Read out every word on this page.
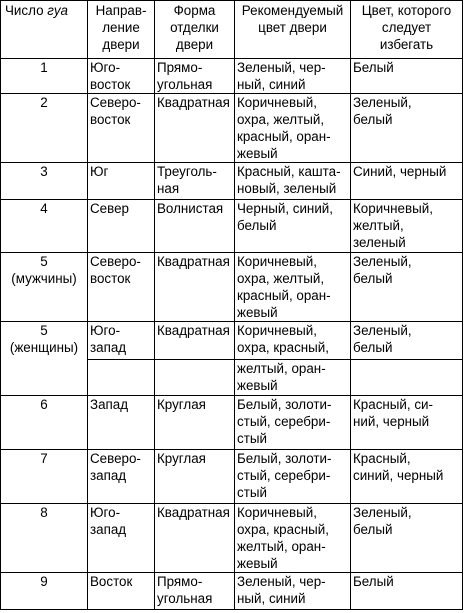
Число гуа	Направ-
ление
двери	Форма
отделки
двери	Рекомендуемый
цвет двери	Цвет, которого
следует
избегать

1	Юго-
восток	Прямо-
угольная	Зеленый, чер-
ный, синий	Белый

2	Северо-
восток	Квадратная	Коричневый,
охра, желтый,
красный, оран-
жевый	Зеленый,
белый

3	Юг	Треуголь-
ная	Красный, кашта-
новый, зеленый	Синий, черный

4	Север	Волнистая	Черный, синий,
белый	Коричневый,
желтый,
зеленый

5
(мужчины)	Северо-
восток	Квадратная	Коричневый,
охра, желтый,
красный, оран-
жевый	Зеленый,
белый

5
(женщины)	Юго-
запад	Квадратная	Коричневый,
охра, красный,	Зеленый,
белый

			желтый, оран-
жевый	

6	Запад	Круглая	Белый, золоти-
стый, серебри-
стый	Красный, си-
ний, черный

7	Северо-
запад	Круглая	Белый, золоти-
стый, серебри-
стый	Красный,
синий, черный

8	Юго-
запад	Квадратная	Коричневый,
охра, красный,
желтый, оран-
жевый	Зеленый,
белый

9	Восток	Прямо-
угольная	Зеленый, чер-
ный, синий	Белый
